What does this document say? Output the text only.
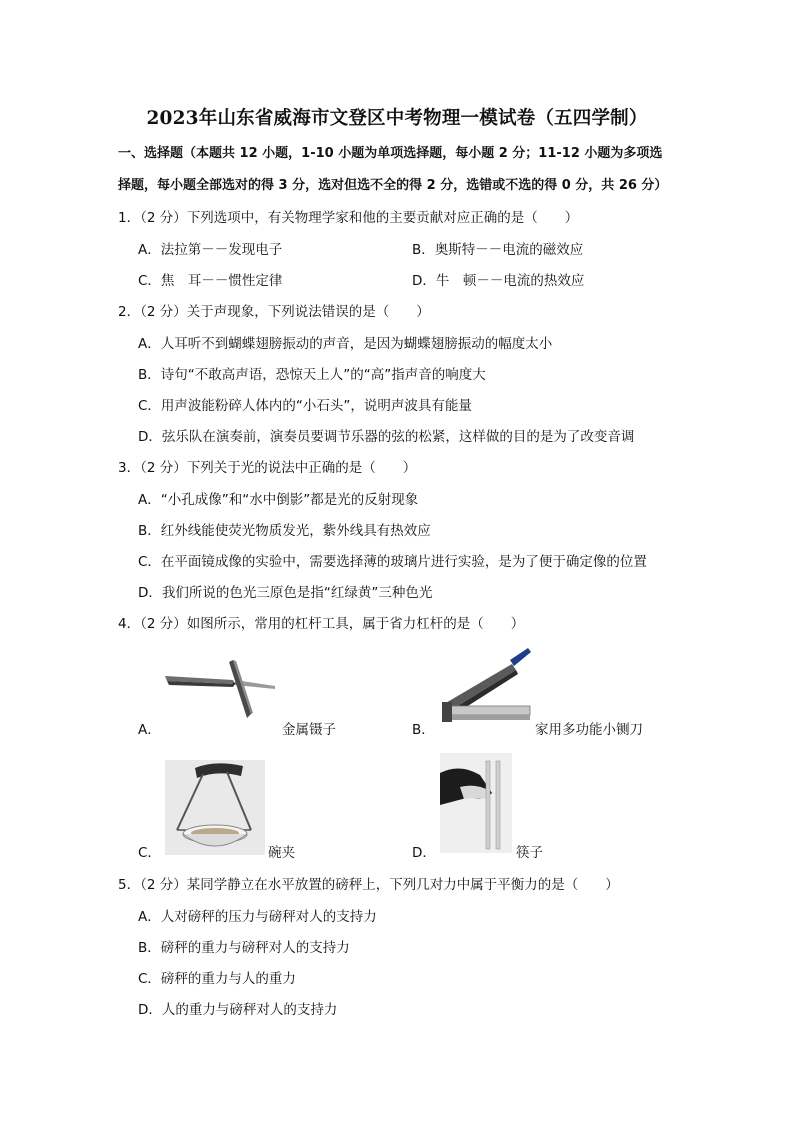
2023年山东省威海市文登区中考物理一模试卷（五四学制）
一、选择题（本题共 12 小题，1-10 小题为单项选择题，每小题 2 分；11-12 小题为多项选
择题，每小题全部选对的得 3 分，选对但选不全的得 2 分，选错或不选的得 0 分，共 26 分）
1．（2 分）下列选项中，有关物理学家和他的主要贡献对应正确的是（　　）
A．法拉第－－发现电子	B．奥斯特－－电流的磁效应
C．焦　耳－－惯性定律	D．牛　顿－－电流的热效应
2．（2 分）关于声现象，下列说法错误的是（　　）
A．人耳听不到蝴蝶翅膀振动的声音，是因为蝴蝶翅膀振动的幅度太小
B．诗句“不敢高声语，恐惊天上人”的“高”指声音的响度大
C．用声波能粉碎人体内的“小石头”，说明声波具有能量
D．弦乐队在演奏前，演奏员要调节乐器的弦的松紧，这样做的目的是为了改变音调
3．（2 分）下列关于光的说法中正确的是（　　）
A．“小孔成像”和“水中倒影”都是光的反射现象
B．红外线能使荧光物质发光，紫外线具有热效应
C．在平面镜成像的实验中，需要选择薄的玻璃片进行实验，是为了便于确定像的位置
D．我们所说的色光三原色是指“红绿黄”三种色光
4．（2 分）如图所示，常用的杠杆工具，属于省力杠杆的是（　　）
A．	金属镊子	B．	家用多功能小铡刀
C．	碗夹	D．	筷子
5．（2 分）某同学静立在水平放置的磅秤上，下列几对力中属于平衡力的是（　　）
A．人对磅秤的压力与磅秤对人的支持力
B．磅秤的重力与磅秤对人的支持力
C．磅秤的重力与人的重力
D．人的重力与磅秤对人的支持力
